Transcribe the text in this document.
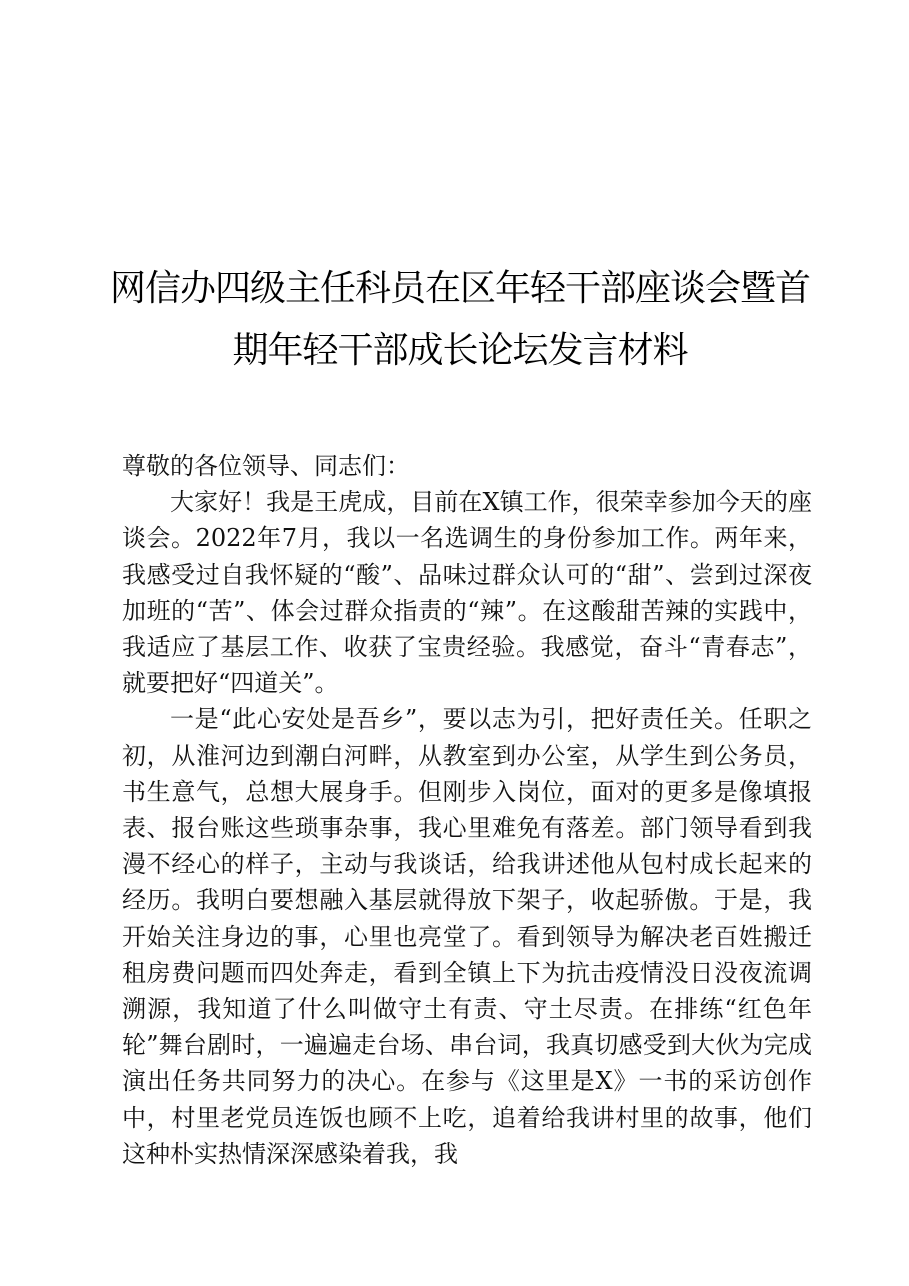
网信办四级主任科员在区年轻干部座谈会暨首
期年轻干部成长论坛发言材料
尊敬的各位领导、同志们：
大家好！我是王虎成，目前在X镇工作，很荣幸参加今天的座谈会。2022年7月，我以一名选调生的身份参加工作。两年来，我感受过自我怀疑的“酸”、品味过群众认可的“甜”、尝到过深夜加班的“苦”、体会过群众指责的“辣”。在这酸甜苦辣的实践中，我适应了基层工作、收获了宝贵经验。我感觉，奋斗“青春志”，就要把好“四道关”。
一是“此心安处是吾乡”，要以志为引，把好责任关。任职之初，从淮河边到潮白河畔，从教室到办公室，从学生到公务员，书生意气，总想大展身手。但刚步入岗位，面对的更多是像填报表、报台账这些琐事杂事，我心里难免有落差。部门领导看到我漫不经心的样子，主动与我谈话，给我讲述他从包村成长起来的经历。我明白要想融入基层就得放下架子，收起骄傲。于是，我开始关注身边的事，心里也亮堂了。看到领导为解决老百姓搬迁租房费问题而四处奔走，看到全镇上下为抗击疫情没日没夜流调溯源，我知道了什么叫做守土有责、守土尽责。在排练“红色年轮”舞台剧时，一遍遍走台场、串台词，我真切感受到大伙为完成演出任务共同努力的决心。在参与《这里是X》一书的采访创作中，村里老党员连饭也顾不上吃，追着给我讲村里的故事，他们这种朴实热情深深感染着我，我
